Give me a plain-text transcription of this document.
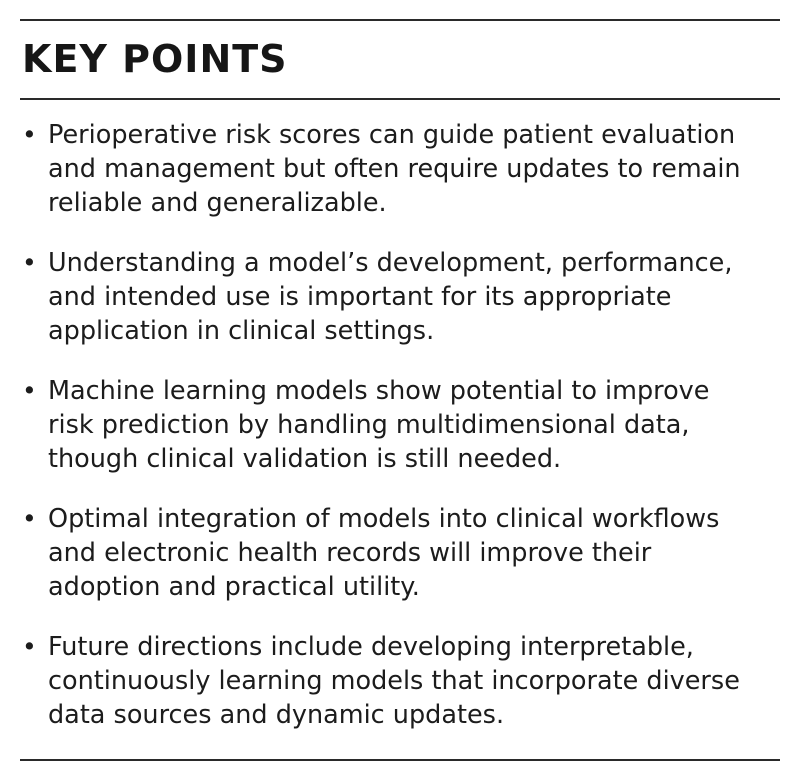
KEY POINTS
• Perioperative risk scores can guide patient evaluation
and management but often require updates to remain
reliable and generalizable.
• Understanding a model’s development, performance,
and intended use is important for its appropriate
application in clinical settings.
• Machine learning models show potential to improve
risk prediction by handling multidimensional data,
though clinical validation is still needed.
• Optimal integration of models into clinical workflows
and electronic health records will improve their
adoption and practical utility.
• Future directions include developing interpretable,
continuously learning models that incorporate diverse
data sources and dynamic updates.
